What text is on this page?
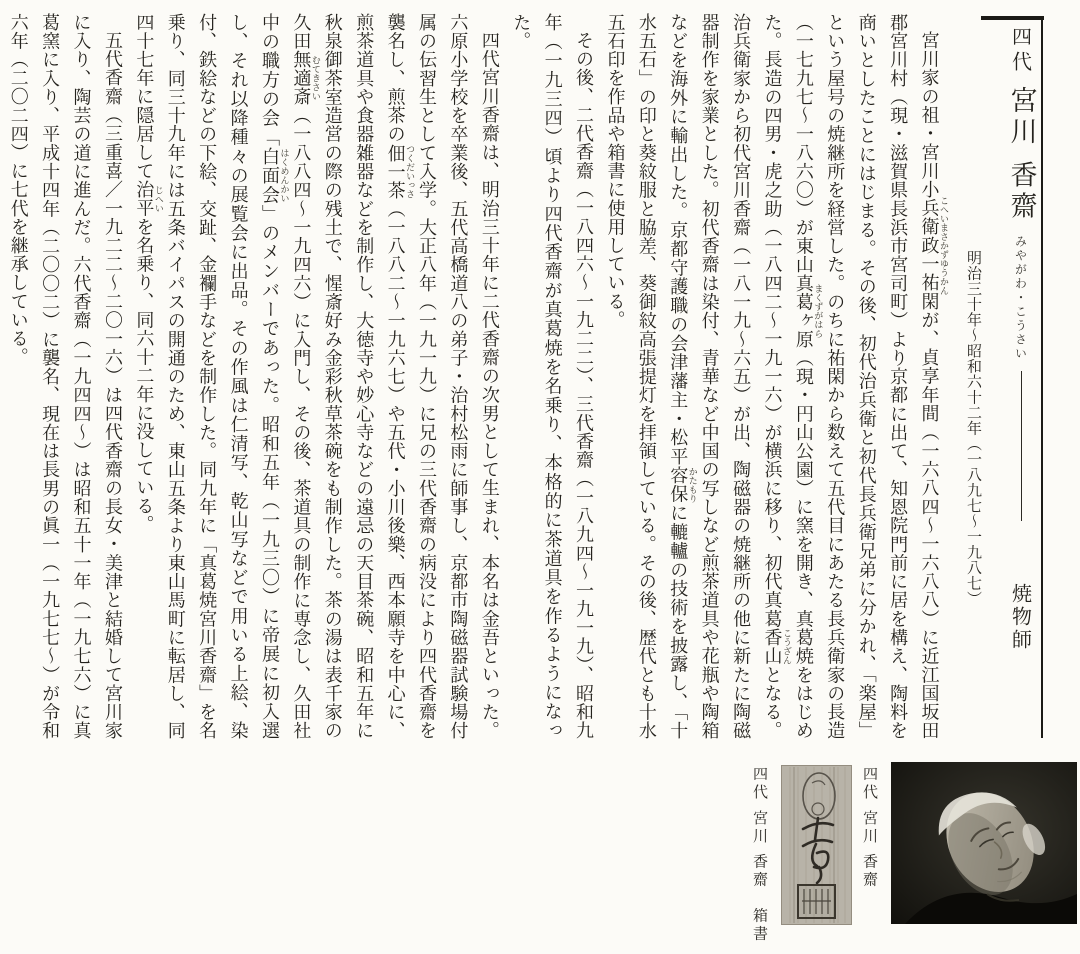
四代
宮川 香齋
みやがわ・こうさい
焼物師
明治三十年〜昭和六十二年（一八九七〜一九八七）

宮川家の祖・宮川小兵衛政一祐閑こへいまさかずゆうかんが、貞享年間（一六八四〜一六八八）に近江国坂田郡宮川村（現・滋賀県長浜市宮司町）より京都に出て、知恩院門前に居を構え、陶料を商いとしたことにはじまる。その後、初代治兵衛と初代長兵衛兄弟に分かれ、「楽屋」という屋号の焼継所を経営した。のちに祐閑から数えて五代目にあたる長兵衛家の長造（一七九七〜一八六〇）が東山真葛ヶ原まくずがはら（現・円山公園）に窯を開き、真葛焼をはじめた。長造の四男・虎之助（一八四二〜一九一六）が横浜に移り、初代真葛香山こうざんとなる。治兵衛家から初代宮川香齋（一八一九〜六五）が出、陶磁器の焼継所の他に新たに陶磁器制作を家業とした。初代香齋は染付、青華など中国の写しなど煎茶道具や花瓶や陶箱などを海外に輸出した。京都守護職の会津藩主・松平容保かたもりに轆轤の技術を披露し、「十水五石」の印と葵紋服と脇差、葵御紋高張提灯を拝領している。その後、歴代とも十水五石印を作品や箱書に使用している。

その後、二代香齋（一八四六〜一九二二）、三代香齋（一八九四〜一九一九）、昭和九年（一九三四）頃より四代香齋が真葛焼を名乗り、本格的に茶道具を作るようになった。

四代宮川香齋は、明治三十年に二代香齋の次男として生まれ、本名は金吾といった。六原小学校を卒業後、五代高橋道八の弟子・治村松雨に師事し、京都市陶磁器試験場付属の伝習生として入学。大正八年（一九一九）に兄の三代香齋の病没により四代香齋を襲名し、煎茶の佃一茶つくだいっさ（一八八二〜一九六七）や五代・小川後樂、西本願寺を中心に、煎茶道具や食器雑器などを制作し、大徳寺や妙心寺などの遠忌の天目茶碗、昭和五年に秋泉御茶室造営の際の残土で、惺斎好み金彩秋草茶碗をも制作した。茶の湯は表千家の久田無適斎むてきさい（一八八四〜一九四六）に入門し、その後、茶道具の制作に専念し、久田社中の職方の会「白面会」はくめんかいのメンバーであった。昭和五年（一九三〇）に帝展に初入選し、それ以降種々の展覧会に出品。その作風は仁清写、乾山写などで用いる上絵、染付、鉄絵などの下絵、交趾、金襴手などを制作した。同九年に「真葛焼宮川香齋」を名乗り、同三十九年には五条バイパスの開通のため、東山五条より東山馬町に転居し、同四十七年に隠居して治平じへいを名乗り、同六十二年に没している。

五代香齋（三重喜／一九二二〜二〇一六）は四代香齋の長女・美津と結婚して宮川家に入り、陶芸の道に進んだ。六代香齋（一九四四〜）は昭和五十一年（一九七六）に真葛窯に入り、平成十四年（二〇〇二）に襲名、現在は長男の眞一（一九七七〜）が令和六年（二〇二四）に七代を継承している。

四代 宮川 香齋
四代 宮川 香齋　箱書
